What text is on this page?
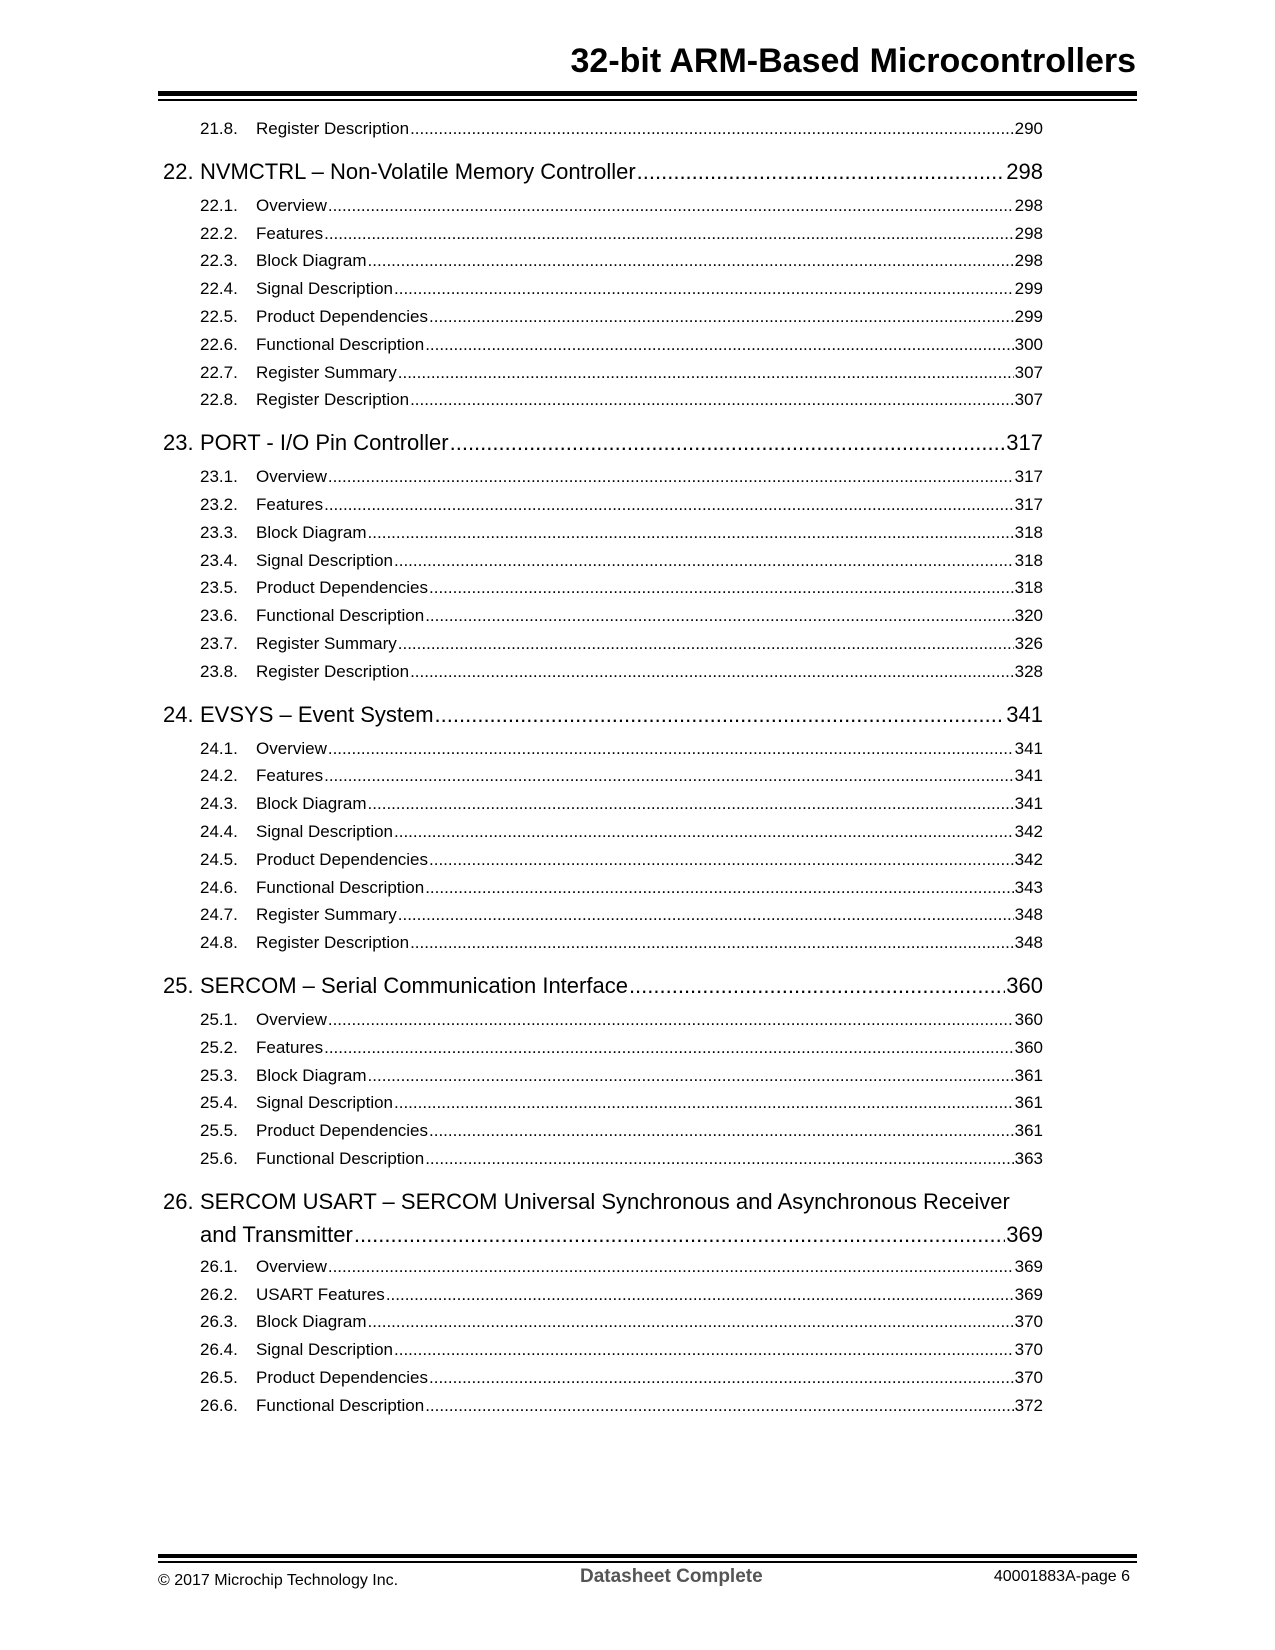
32-bit ARM-Based Microcontrollers
21.8.	Register Description .....	290
22. NVMCTRL – Non-Volatile Memory Controller .....	298
22.1.	Overview .....	298
22.2.	Features .....	298
22.3.	Block Diagram .....	298
22.4.	Signal Description .....	299
22.5.	Product Dependencies .....	299
22.6.	Functional Description .....	300
22.7.	Register Summary .....	307
22.8.	Register Description .....	307
23. PORT - I/O Pin Controller .....	317
23.1.	Overview .....	317
23.2.	Features .....	317
23.3.	Block Diagram .....	318
23.4.	Signal Description .....	318
23.5.	Product Dependencies .....	318
23.6.	Functional Description .....	320
23.7.	Register Summary .....	326
23.8.	Register Description .....	328
24. EVSYS – Event System .....	341
24.1.	Overview .....	341
24.2.	Features .....	341
24.3.	Block Diagram .....	341
24.4.	Signal Description .....	342
24.5.	Product Dependencies .....	342
24.6.	Functional Description .....	343
24.7.	Register Summary .....	348
24.8.	Register Description .....	348
25. SERCOM – Serial Communication Interface .....	360
25.1.	Overview .....	360
25.2.	Features .....	360
25.3.	Block Diagram .....	361
25.4.	Signal Description .....	361
25.5.	Product Dependencies .....	361
25.6.	Functional Description .....	363
26. SERCOM USART – SERCOM Universal Synchronous and Asynchronous Receiver
and Transmitter .....	369
26.1.	Overview .....	369
26.2.	USART Features .....	369
26.3.	Block Diagram .....	370
26.4.	Signal Description .....	370
26.5.	Product Dependencies .....	370
26.6.	Functional Description .....	372
© 2017 Microchip Technology Inc.	Datasheet Complete	40001883A-page 6
